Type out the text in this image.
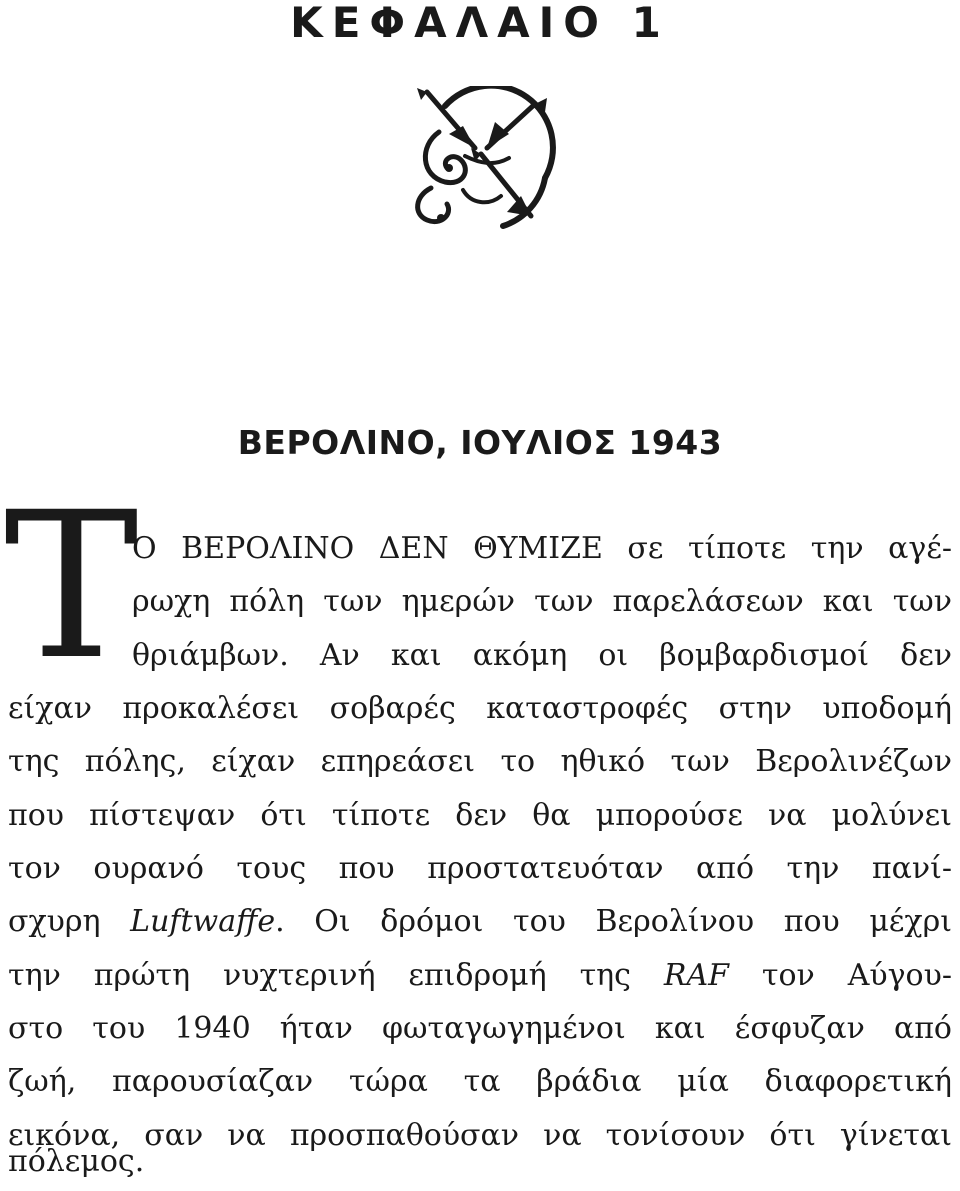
ΚΕΦΑΛΑΙΟ 1
ΒΕΡΟΛΙΝΟ, ΙΟΥΛΙΟΣ 1943
Τ
Ο ΒΕΡΟΛΙΝΟ ΔΕΝ ΘΥΜΙΖΕ σε τίποτε την αγέ-
ρωχη πόλη των ημερών των παρελάσεων και των
θριάμβων. Αν και ακόμη οι βομβαρδισμοί δεν
είχαν προκαλέσει σοβαρές καταστροφές στην υποδομή
της πόλης, είχαν επηρεάσει το ηθικό των Βερολινέζων
που πίστεψαν ότι τίποτε δεν θα μπορούσε να μολύνει
τον ουρανό τους που προστατευόταν από την πανί-
σχυρη Luftwaffe. Οι δρόμοι του Βερολίνου που μέχρι
την πρώτη νυχτερινή επιδρομή της RAF τον Αύγου-
στο του 1940 ήταν φωταγωγημένοι και έσφυζαν από
ζωή, παρουσίαζαν τώρα τα βράδια μία διαφορετική
εικόνα, σαν να προσπαθούσαν να τονίσουν ότι γίνεται
πόλεμος.
